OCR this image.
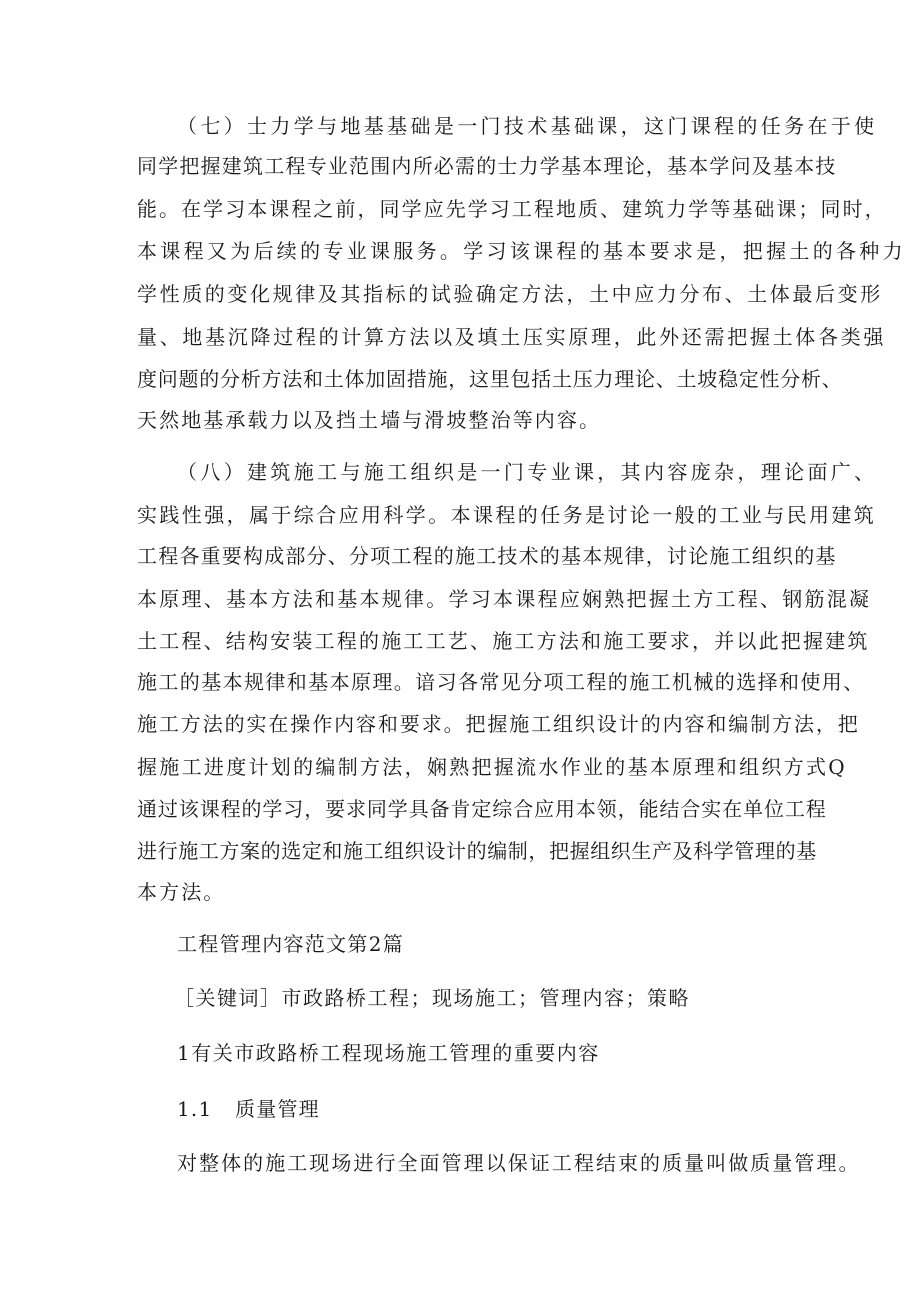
（七）士力学与地基基础是一门技术基础课，这门课程的任务在于使
同学把握建筑工程专业范围内所必需的士力学基本理论，基本学问及基本技
能。在学习本课程之前，同学应先学习工程地质、建筑力学等基础课；同时，
本课程又为后续的专业课服务。学习该课程的基本要求是，把握土的各种力
学性质的变化规律及其指标的试验确定方法，土中应力分布、土体最后变形
量、地基沉降过程的计算方法以及填土压实原理，此外还需把握土体各类强
度问题的分析方法和土体加固措施，这里包括土压力理论、土坡稳定性分析、
天然地基承载力以及挡土墙与滑坡整治等内容。
（八）建筑施工与施工组织是一门专业课，其内容庞杂，理论面广、
实践性强，属于综合应用科学。本课程的任务是讨论一般的工业与民用建筑
工程各重要构成部分、分项工程的施工技术的基本规律，讨论施工组织的基
本原理、基本方法和基本规律。学习本课程应娴熟把握土方工程、钢筋混凝
土工程、结构安装工程的施工工艺、施工方法和施工要求，并以此把握建筑
施工的基本规律和基本原理。谙习各常见分项工程的施工机械的选择和使用、
施工方法的实在操作内容和要求。把握施工组织设计的内容和编制方法，把
握施工进度计划的编制方法，娴熟把握流水作业的基本原理和组织方式Q
通过该课程的学习，要求同学具备肯定综合应用本领，能结合实在单位工程
进行施工方案的选定和施工组织设计的编制，把握组织生产及科学管理的基
本方法。
工程管理内容范文第2篇
［关键词］市政路桥工程；现场施工；管理内容；策略
1有关市政路桥工程现场施工管理的重要内容
1.1   质量管理
对整体的施工现场进行全面管理以保证工程结束的质量叫做质量管理。
